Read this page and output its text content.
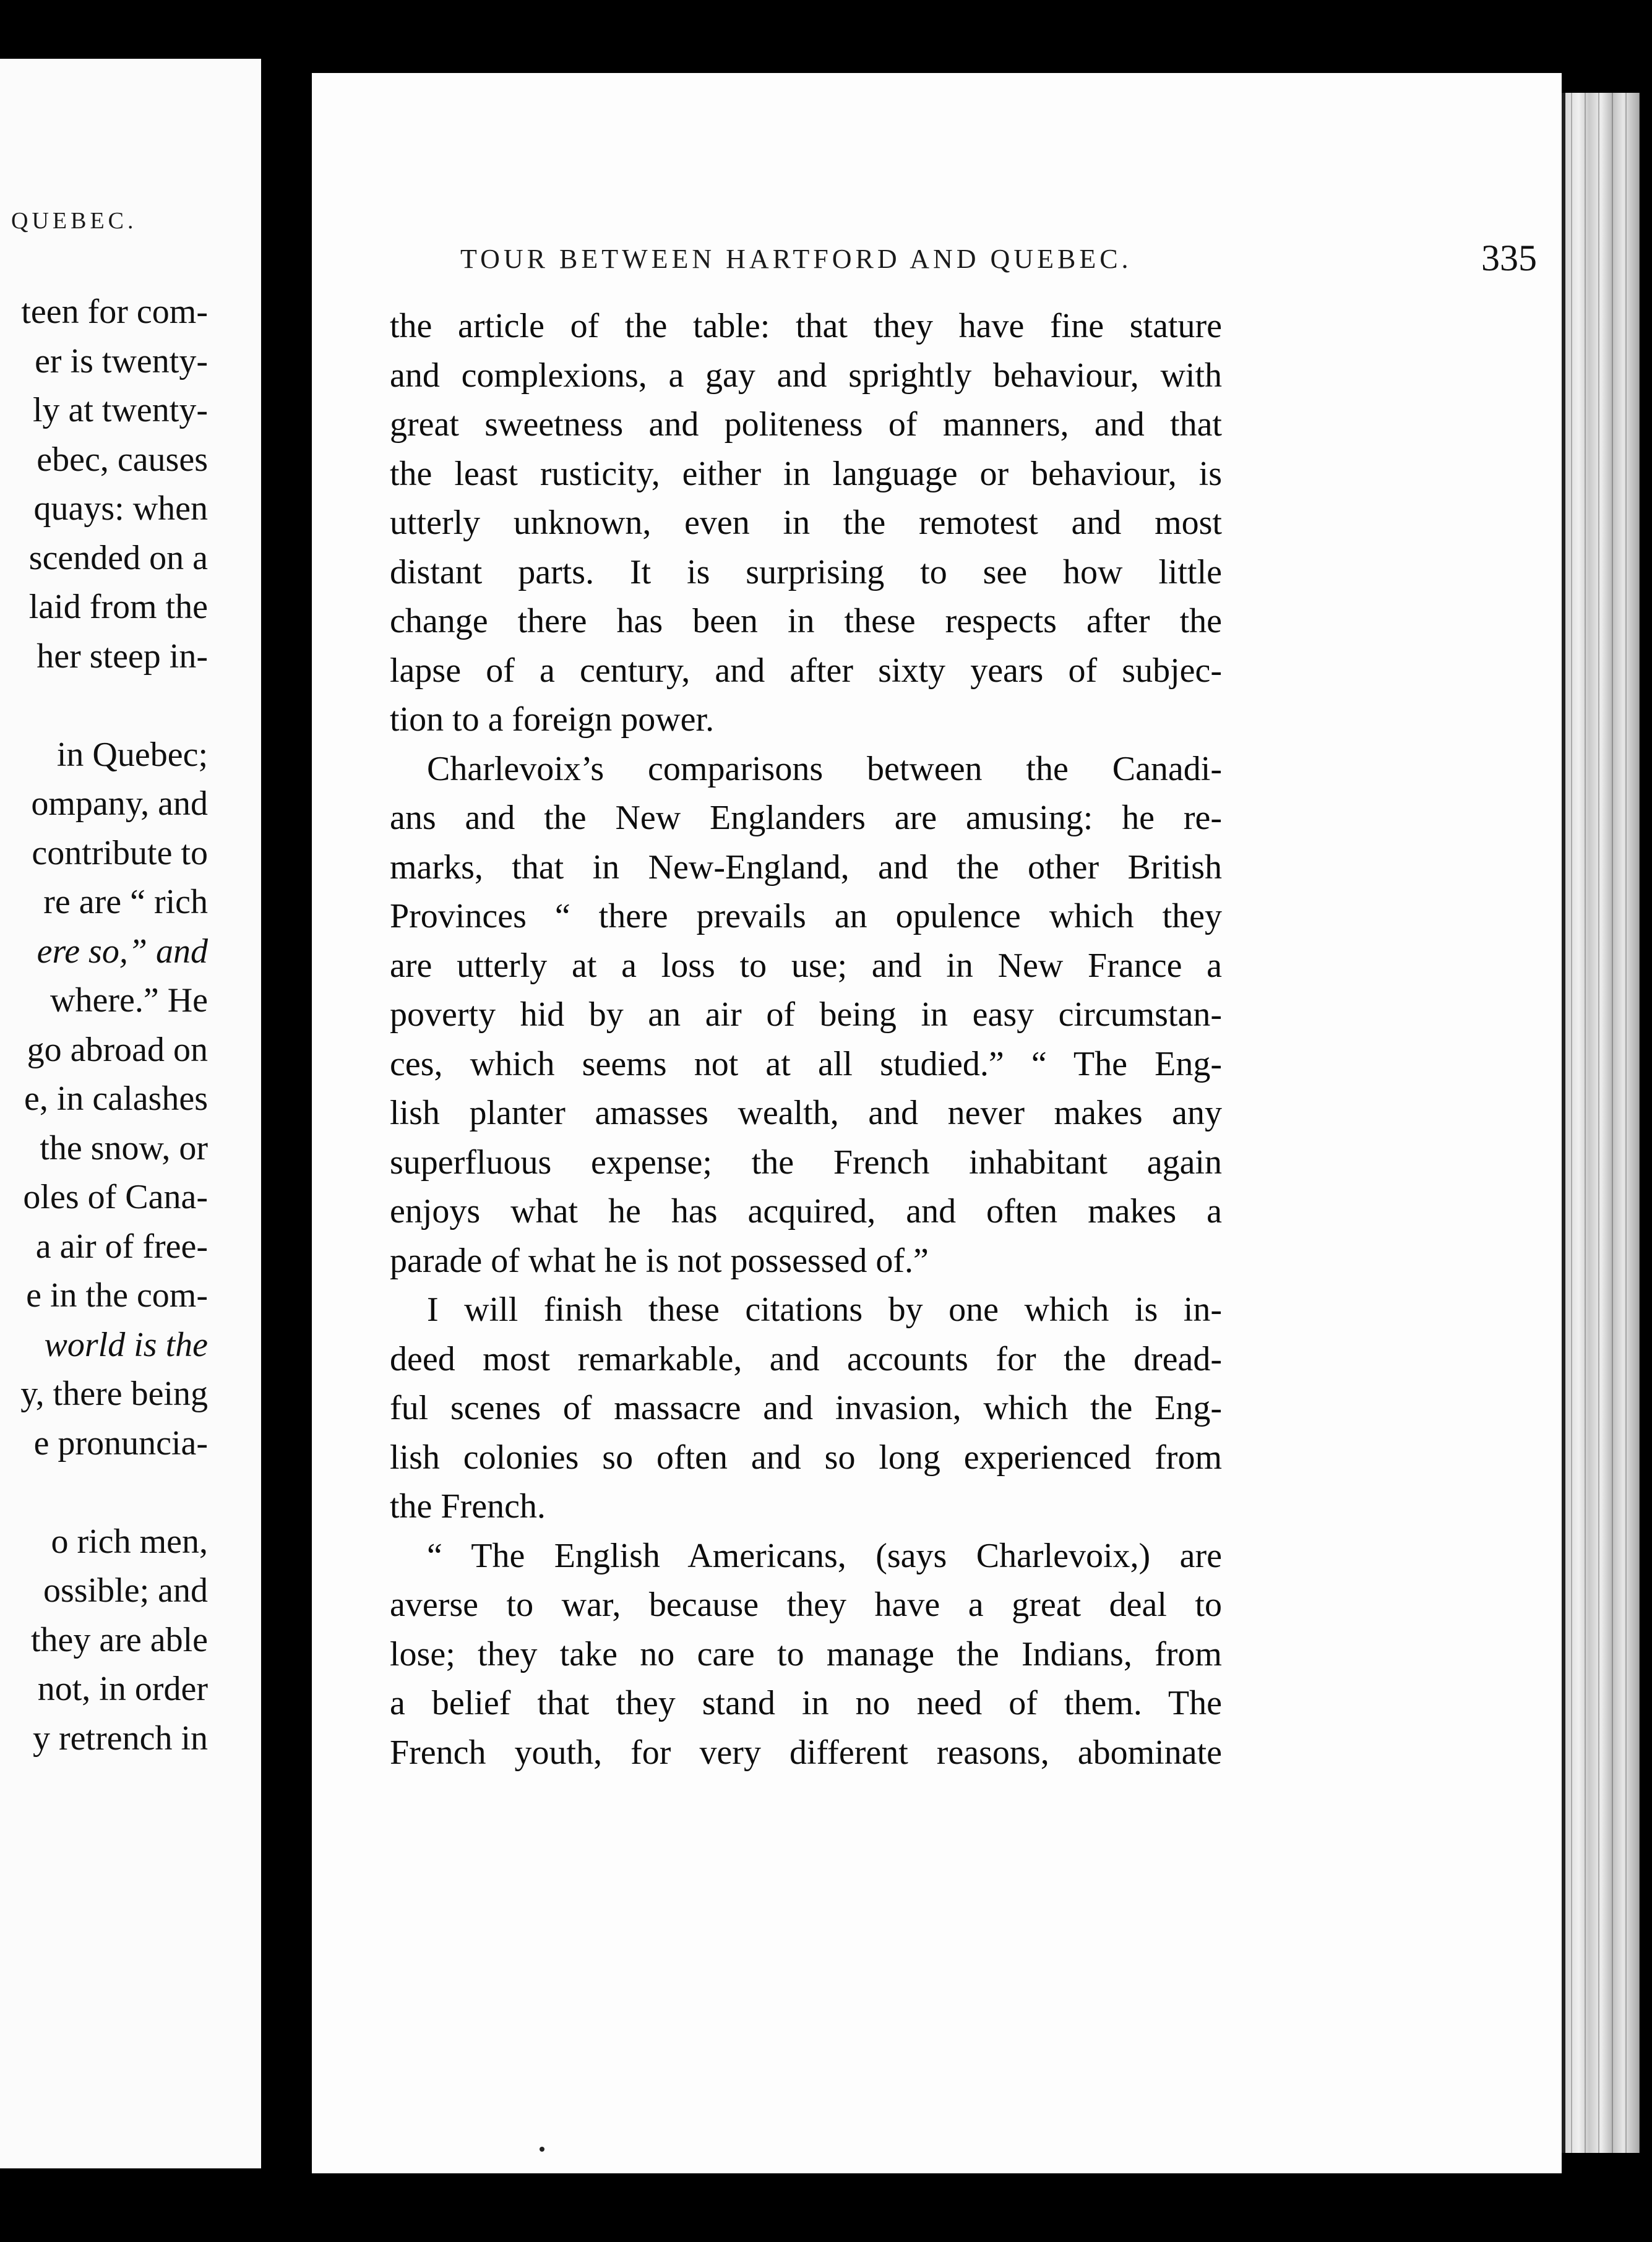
QUEBEC.
teen for com-
er is twenty-
ly at twenty-
ebec, causes
quays: when
scended on a
laid from the
her steep in-
in Quebec;
ompany, and
contribute to
re are “ rich
ere so,” and
where.” He
go abroad on
e, in calashes
the snow, or
oles of Cana-
a air of free-
e in the com-
world is the
y, there being
e pronuncia-
o rich men,
ossible; and
they are able
not, in order
y retrench in
TOUR BETWEEN HARTFORD AND QUEBEC.	335
the article of the table: that they have fine stature
and complexions, a gay and sprightly behaviour, with
great sweetness and politeness of manners, and that
the least rusticity, either in language or behaviour, is
utterly unknown, even in the remotest and most
distant parts. It is surprising to see how little
change there has been in these respects after the
lapse of a century, and after sixty years of subjec-
tion to a foreign power.
Charlevoix’s comparisons between the Canadi-
ans and the New Englanders are amusing: he re-
marks, that in New-England, and the other British
Provinces “ there prevails an opulence which they
are utterly at a loss to use; and in New France a
poverty hid by an air of being in easy circumstan-
ces, which seems not at all studied.” “ The Eng-
lish planter amasses wealth, and never makes any
superfluous expense; the French inhabitant again
enjoys what he has acquired, and often makes a
parade of what he is not possessed of.”
I will finish these citations by one which is in-
deed most remarkable, and accounts for the dread-
ful scenes of massacre and invasion, which the Eng-
lish colonies so often and so long experienced from
the French.
“ The English Americans, (says Charlevoix,) are
averse to war, because they have a great deal to
lose; they take no care to manage the Indians, from
a belief that they stand in no need of them. The
French youth, for very different reasons, abominate
